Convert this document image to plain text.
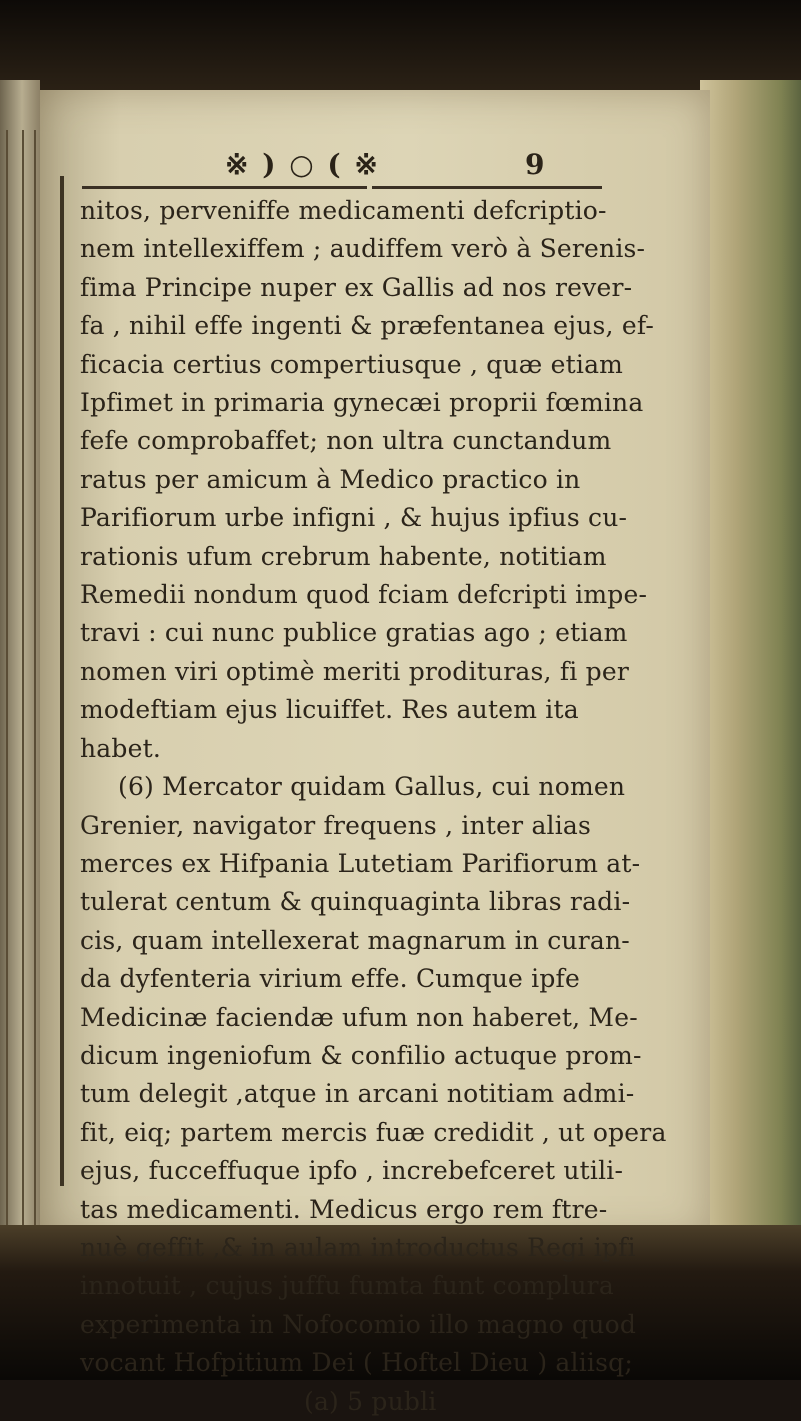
※ ) ○ ( ※	9
nitos, perveniffe medicamenti defcriptio-
nem intellexiffem ; audiffem verò à Serenis-
fima Principe nuper ex Gallis ad nos rever-
fa , nihil effe ingenti & præfentanea ejus, ef-
ficacia certius compertiusque , quæ etiam
Ipfimet in primaria gynecæi proprii fœmina
fefe comprobaffet; non ultra cunctandum
ratus per amicum à Medico practico in
Parifiorum urbe infigni , & hujus ipfius cu-
rationis ufum crebrum habente, notitiam
Remedii nondum quod fciam defcripti impe-
travi : cui nunc publice gratias ago ; etiam
nomen viri optimè meriti prodituras, fi per
modeftiam ejus licuiffet. Res autem ita
habet.
(6) Mercator quidam Gallus, cui nomen
Grenier, navigator frequens , inter alias
merces ex Hifpania Lutetiam Parifiorum at-
tulerat centum & quinquaginta libras radi-
cis, quam intellexerat magnarum in curan-
da dyfenteria virium effe. Cumque ipfe
Medicinæ faciendæ ufum non haberet, Me-
dicum ingeniofum & confilio actuque prom-
tum delegit ,atque in arcani notitiam admi-
fit, eiq; partem mercis fuæ credidit , ut opera
ejus, fucceffuque ipfo , increbefceret utili-
tas medicamenti. Medicus ergo rem ftre-
nuè geffit ,& in aulam introductus Regi ipfi
innotuit , cujus juffu fumta funt complura
experimenta in Nofocomio illo magno quod
vocant Hofpitium Dei ( Hoftel Dieu ) aliisq;
(a) 5 publi
